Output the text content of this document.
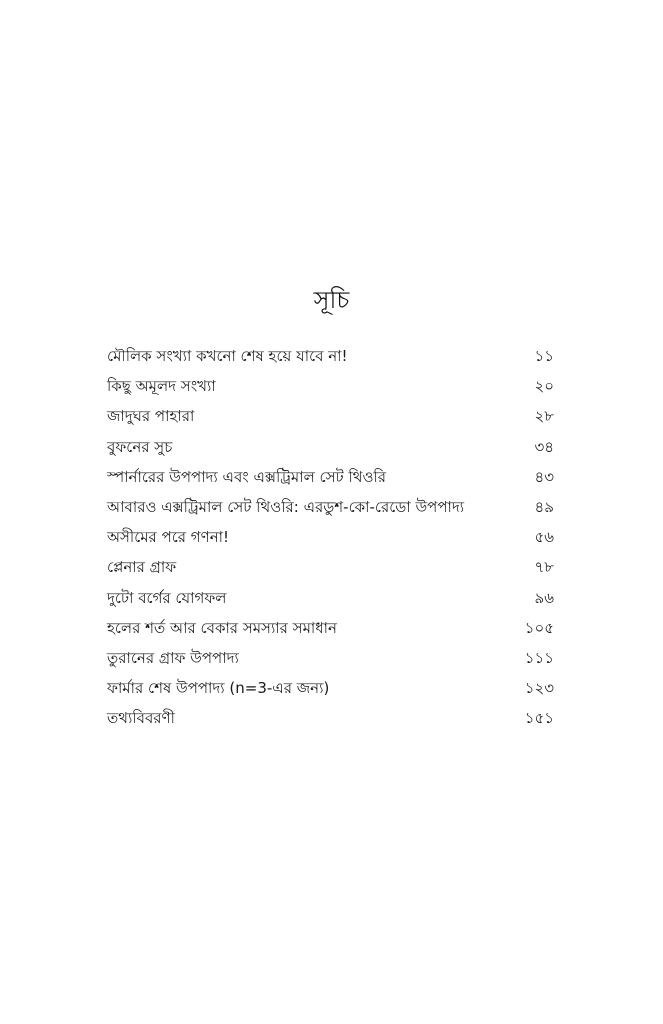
সূচি
মৌলিক সংখ্যা কখনো শেষ হয়ে যাবে না!	১১
কিছু অমূলদ সংখ্যা	২০
জাদুঘর পাহারা	২৮
বুফনের সুচ	৩৪
স্পার্নারের উপপাদ্য এবং এক্সট্রিমাল সেট থিওরি	৪৩
আবারও এক্সট্রিমাল সেট থিওরি: এরডুশ-কো-রেডো উপপাদ্য	৪৯
অসীমের পরে গণনা!	৫৬
প্লেনার গ্রাফ	৭৮
দুটো বর্গের যোগফল	৯৬
হলের শর্ত আর বেকার সমস্যার সমাধান	১০৫
তুরানের গ্রাফ উপপাদ্য	১১১
ফার্মার শেষ উপপাদ্য (n=3-এর জন্য)	১২৩
তথ্যবিবরণী	১৫১
